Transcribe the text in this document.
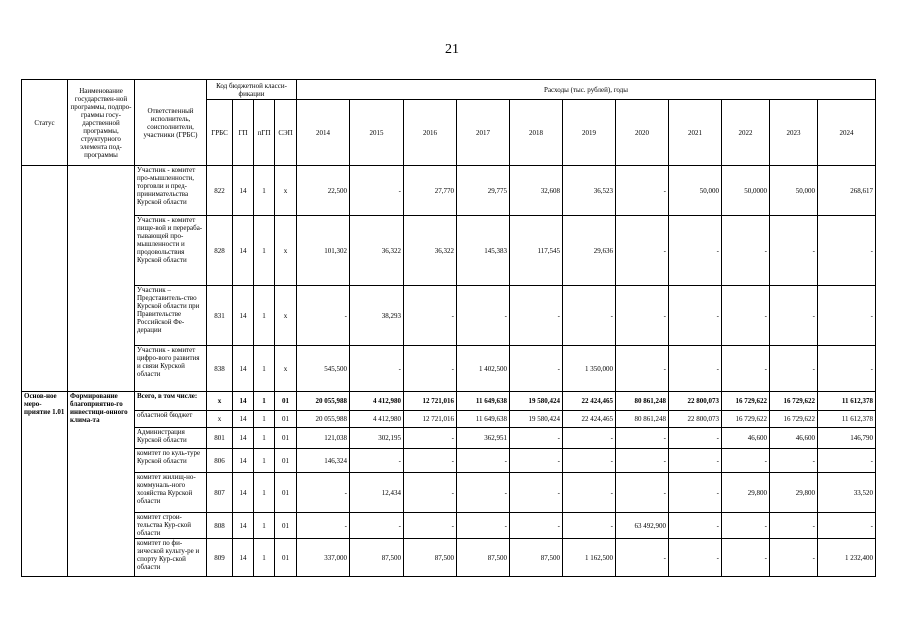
21
Статус	Наименование государствен-ной программы, подпро-граммы госу-дарственной программы, структурного элемента под-программы	Ответственный исполнитель, соисполнители, участники (ГРБС)	Код бюджетной класси-фикации				Расходы (тыс. рублей), годы										
			ГРБС	ГП	пГП	СЭП	2014	2015	2016	2017	2018	2019	2020	2021	2022	2023	2024
		Участник - комитет про-мышленности, торговли и пред-принимательства Курской области	822	14	1	х	22,500	-	27,770	29,775	32,608	36,523	-	50,000	50,0000	50,000	268,617
		Участник - комитет пище-вой и перераба-тывающей про-мышленности и продовольствия Курской области	828	14	1	х	101,302	36,322	36,322	145,383	117,545	29,636	-	-	-	-	-
		Участник – Представитель-ство Курской области при Правительстве Российской Фе-дерации	831	14	1	х	-	38,293	-	-	-	-	-	-	-	-	-
		Участник - комитет цифро-вого развития и связи Курской области	838	14	1	х	545,500	-	-	1 402,500	-	1 350,000	-	-	-	-	-
Основ-ное меро-приятие 1.01	Формирование благоприятно-го инвестици-онного клима-та	Всего, в том числе:	х	14	1	01	20 055,988	4 412,980	12 721,016	11 649,638	19 580,424	22 424,465	80 861,248	22 800,073	16 729,622	16 729,622	11 612,378
		областной бюджет	х	14	1	01	20 055,988	4 412,980	12 721,016	11 649,638	19 580,424	22 424,465	80 861,248	22 800,073	16 729,622	16 729,622	11 612,378
		Администрация Курской области	801	14	1	01	121,038	302,195	-	362,951	-	-	-	-	46,600	46,600	146,790
		комитет по куль-туре Курской области	806	14	1	01	146,324	-	-	-	-	-	-	-	-	-	-
		комитет жилищ-но-коммуналь-ного хозяйства Курской области	807	14	1	01	-	12,434	-	-	-	-	-	-	29,800	29,800	33,520
		комитет строи-тельства Кур-ской области	808	14	1	01	-	-	-	-	-	-	63 492,900	-	-	-	-
		комитет по фи-зической культу-ре и спорту Кур-ской области	809	14	1	01	337,000	87,500	87,500	87,500	87,500	1 162,500	-	-	-	-	1 232,400
